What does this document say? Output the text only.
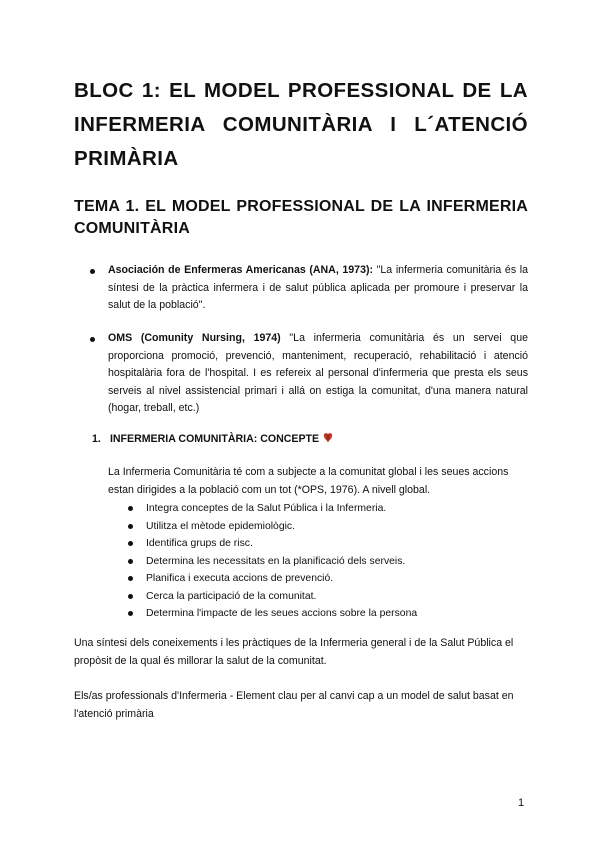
BLOC 1: EL MODEL PROFESSIONAL DE LA INFERMERIA COMUNITÀRIA I L´ATENCIÓ PRIMÀRIA
TEMA 1. EL MODEL PROFESSIONAL DE LA INFERMERIA COMUNITÀRIA

Asociación de Enfermeras Americanas (ANA, 1973): "La infermeria comunitària és la síntesi de la pràctica infermera i de salut pública aplicada per promoure i preservar la salut de la població".

OMS (Comunity Nursing, 1974) "La infermeria comunitària és un servei que proporciona promoció, prevenció, manteniment, recuperació, rehabilitació i atenció hospitalària fora de l'hospital. I es refereix al personal d'infermeria que presta els seus serveis al nivel assistencial primari i allá on estiga la comunitat, d'una manera natural (hogar, treball, etc.)

1. INFERMERIA COMUNITÀRIA: CONCEPTE

La Infermeria Comunitària té com a subjecte a la comunitat global i les seues accions estan dirigides a la població com un tot (*OPS, 1976). A nivell global.

Integra conceptes de la Salut Pública i la Infermeria.
Utilitza el mètode epidemiològic.
Identifica grups de risc.
Determina les necessitats en la planificació dels serveis.
Planifica i executa accions de prevenció.
Cerca la participació de la comunitat.
Determina l'impacte de les seues accions sobre la persona

Una síntesi dels coneixements i les pràctiques de la Infermeria general i de la Salut Pública el propòsit de la qual és millorar la salut de la comunitat.

Els/as professionals d'Infermeria - Element clau per al canvi cap a un model de salut basat en l'atenció primària

1
